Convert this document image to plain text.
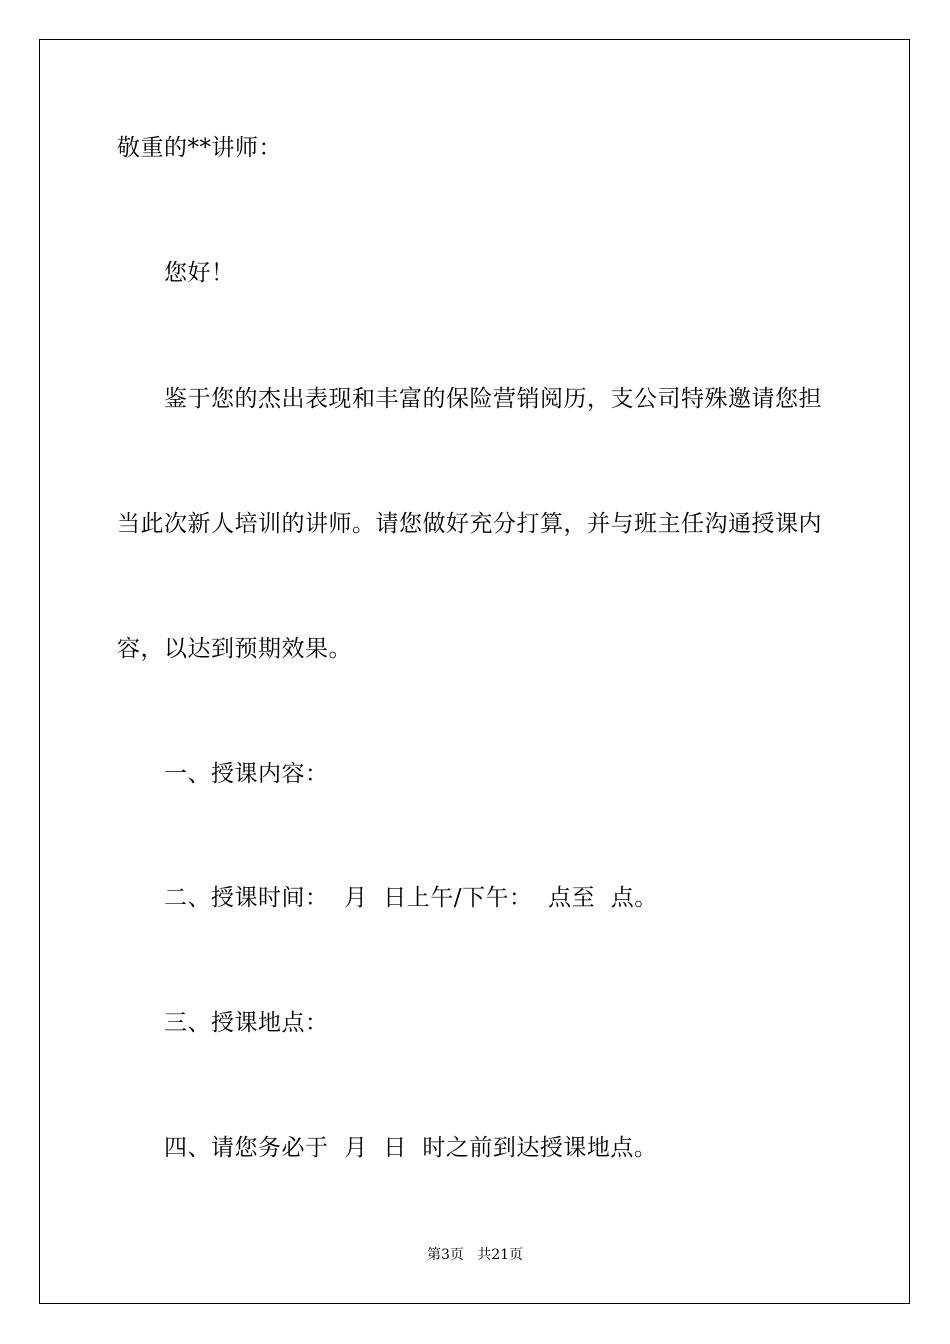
敬重的**讲师：
您好！
鉴于您的杰出表现和丰富的保险营销阅历，支公司特殊邀请您担
当此次新人培训的讲师。请您做好充分打算，并与班主任沟通授课内
容，以达到预期效果。
一、授课内容：
二、授课时间：  月  日上午/下午：  点至  点。
三、授课地点：
四、请您务必于  月  日  时之前到达授课地点。
第3页   共21页
